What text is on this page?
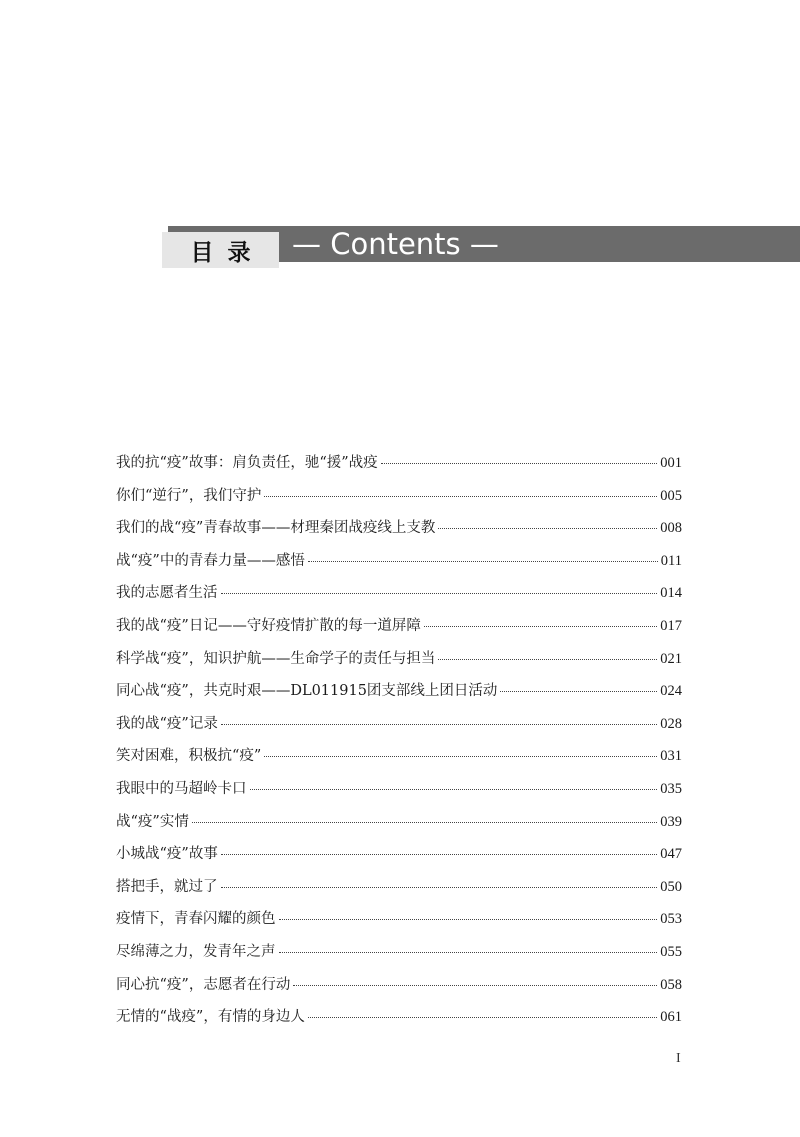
目录 — Contents —
我的抗“疫”故事：肩负责任，驰“援”战疫	001
你们“逆行”，我们守护	005
我们的战“疫”青春故事——材理秦团战疫线上支教	008
战“疫”中的青春力量——感悟	011
我的志愿者生活	014
我的战“疫”日记——守好疫情扩散的每一道屏障	017
科学战“疫”，知识护航——生命学子的责任与担当	021
同心战“疫”，共克时艰——DL011915团支部线上团日活动	024
我的战“疫”记录	028
笑对困难，积极抗“疫”	031
我眼中的马超岭卡口	035
战“疫”实情	039
小城战“疫”故事	047
搭把手，就过了	050
疫情下，青春闪耀的颜色	053
尽绵薄之力，发青年之声	055
同心抗“疫”，志愿者在行动	058
无情的“战疫”，有情的身边人	061
I
